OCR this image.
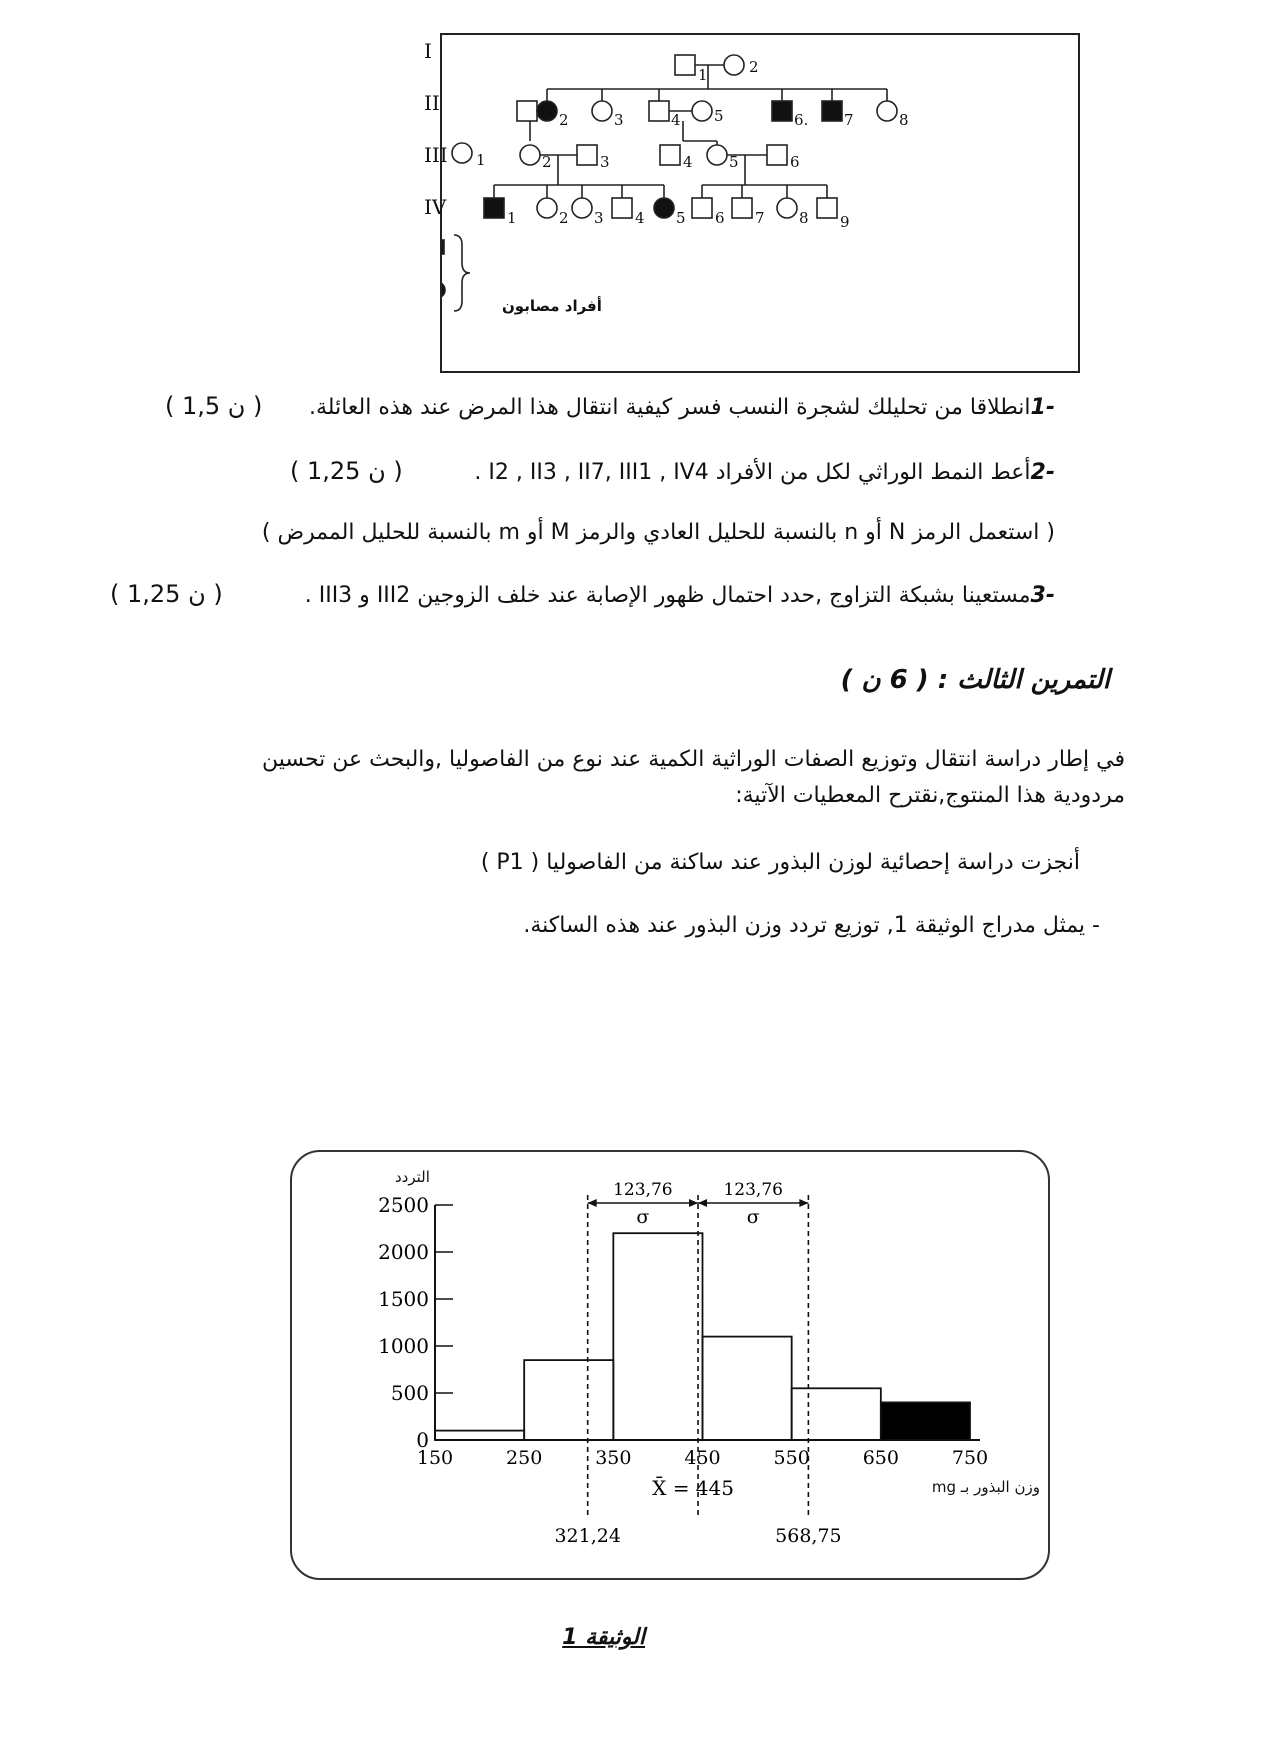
1	2
1 2	3	4 5	6. 7	8
1	2	3	4 5	6
1	2 3 4 5 6 7 8 9
I
II
III
IV
أفراد مصابون
-1انطلاقا من تحليلك لشجرة النسب فسر كيفية انتقال هذا المرض عند هذه العائلة.
( 1,5 ن )
-2أعط النمط الوراثي لكل من الأفراد I2 , II3 , II7, III1 , IV4 .
( 1,25 ن )
( استعمل الرمز N أو n بالنسبة للحليل العادي والرمز M أو m بالنسبة للحليل الممرض )
-3مستعينا بشبكة التزاوج ,حدد احتمال ظهور الإصابة عند خلف الزوجين III2 و III3 .
( 1,25 ن )
التمرين الثالث : ( 6 ن )
في إطار دراسة انتقال وتوزيع الصفات الوراثية الكمية عند نوع من الفاصوليا ,والبحث عن تحسين مردودية هذا المنتوج,نقترح المعطيات الآتية:
أنجزت دراسة إحصائية لوزن البذور عند ساكنة من الفاصوليا ( P1 )
- يمثل مدراج الوثيقة 1, توزيع تردد وزن البذور عند هذه الساكنة.
0
500
1000
1500
2000
2500
150	250	350	450	550	650	750
123,76	123,76
σ	σ
X̄ = 445
321,24	568,75
التردد
وزن البذور بـ mg
الوثيقة 1
